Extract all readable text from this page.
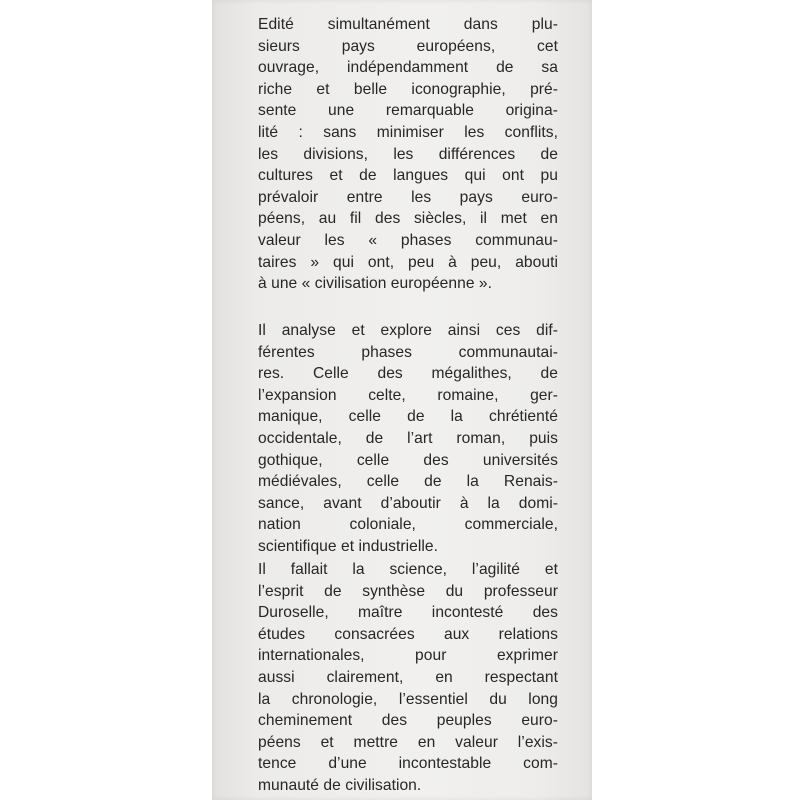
Edité simultanément dans plu-
sieurs pays européens, cet
ouvrage, indépendamment de sa
riche et belle iconographie, pré-
sente une remarquable origina-
lité : sans minimiser les conflits,
les divisions, les différences de
cultures et de langues qui ont pu
prévaloir entre les pays euro-
péens, au fil des siècles, il met en
valeur les « phases communau-
taires » qui ont, peu à peu, abouti
à une « civilisation européenne ».
Il analyse et explore ainsi ces dif-
férentes phases communautai-
res. Celle des mégalithes, de
l’expansion celte, romaine, ger-
manique, celle de la chrétienté
occidentale, de l’art roman, puis
gothique, celle des universités
médiévales, celle de la Renais-
sance, avant d’aboutir à la domi-
nation coloniale, commerciale,
scientifique et industrielle.
Il fallait la science, l’agilité et
l’esprit de synthèse du professeur
Duroselle, maître incontesté des
études consacrées aux relations
internationales, pour exprimer
aussi clairement, en respectant
la chronologie, l’essentiel du long
cheminement des peuples euro-
péens et mettre en valeur l’exis-
tence d’une incontestable com-
munauté de civilisation.
